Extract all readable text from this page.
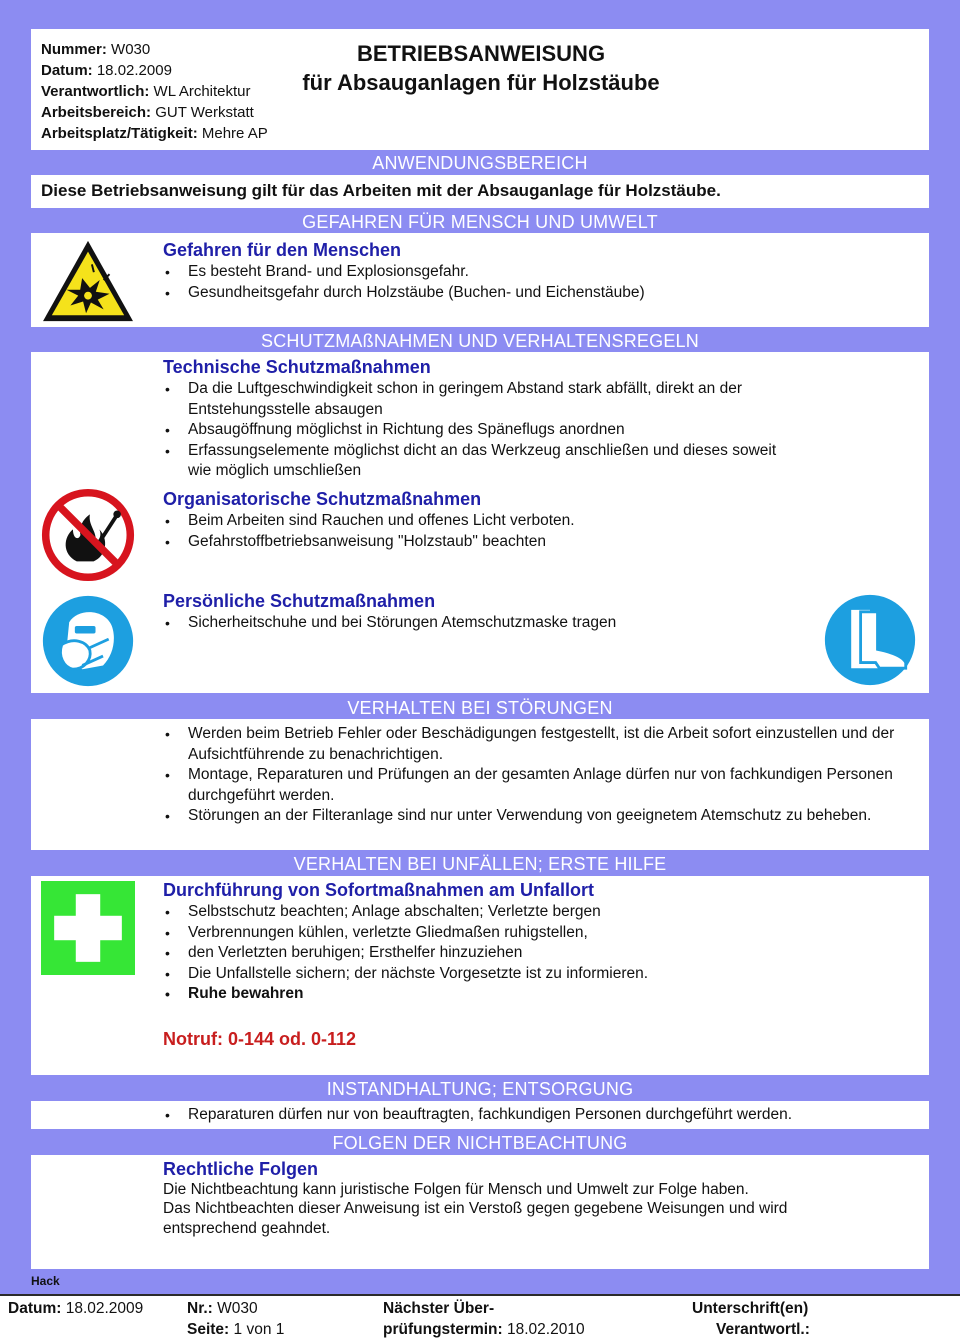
Nummer: W030
Datum: 18.02.2009
Verantwortlich: WL Architektur
Arbeitsbereich: GUT Werkstatt
Arbeitsplatz/Tätigkeit: Mehre AP
BETRIEBSANWEISUNG
für Absauganlagen für Holzstäube
ANWENDUNGSBEREICH
Diese Betriebsanweisung gilt für das Arbeiten mit der Absauganlage für Holzstäube.
GEFAHREN FÜR MENSCH UND UMWELT
Gefahren für den Menschen
• Es besteht Brand- und Explosionsgefahr.
• Gesundheitsgefahr durch Holzstäube (Buchen- und Eichenstäube)
SCHUTZMAßNAHMEN UND VERHALTENSREGELN
Technische Schutzmaßnahmen
• Da die Luftgeschwindigkeit schon in geringem Abstand stark abfällt, direkt an der Entstehungsstelle absaugen
• Absaugöffnung möglichst in Richtung des Späneflugs anordnen
• Erfassungselemente möglichst dicht an das Werkzeug anschließen und dieses soweit wie möglich umschließen
Organisatorische Schutzmaßnahmen
• Beim Arbeiten sind Rauchen und offenes Licht verboten.
• Gefahrstoffbetriebsanweisung "Holzstaub" beachten
Persönliche Schutzmaßnahmen
• Sicherheitschuhe und bei Störungen Atemschutzmaske tragen
VERHALTEN BEI STÖRUNGEN
• Werden beim Betrieb Fehler oder Beschädigungen festgestellt, ist die Arbeit sofort einzustellen und der Aufsichtführende zu benachrichtigen.
• Montage, Reparaturen und Prüfungen an der gesamten Anlage dürfen nur von fachkundigen Personen durchgeführt werden.
• Störungen an der Filteranlage sind nur unter Verwendung von geeignetem Atemschutz zu beheben.
VERHALTEN BEI UNFÄLLEN; ERSTE HILFE
Durchführung von Sofortmaßnahmen am Unfallort
• Selbstschutz beachten; Anlage abschalten; Verletzte bergen
• Verbrennungen kühlen, verletzte Gliedmaßen ruhigstellen,
• den Verletzten beruhigen; Ersthelfer hinzuziehen
• Die Unfallstelle sichern; der nächste Vorgesetzte ist zu informieren.
• Ruhe bewahren
Notruf: 0-144 od. 0-112
INSTANDHALTUNG; ENTSORGUNG
• Reparaturen dürfen nur von beauftragten, fachkundigen Personen durchgeführt werden.
FOLGEN DER NICHTBEACHTUNG
Rechtliche Folgen
Die Nichtbeachtung kann juristische Folgen für Mensch und Umwelt zur Folge haben.
Das Nichtbeachten dieser Anweisung ist ein Verstoß gegen gegebene Weisungen und wird entsprechend geahndet.
Hack
Datum: 18.02.2009	Nr.: W030
Seite: 1 von 1
Nächster Über-
prüfungstermin: 18.02.2010
Unterschrift(en)
Verantwortl.:
